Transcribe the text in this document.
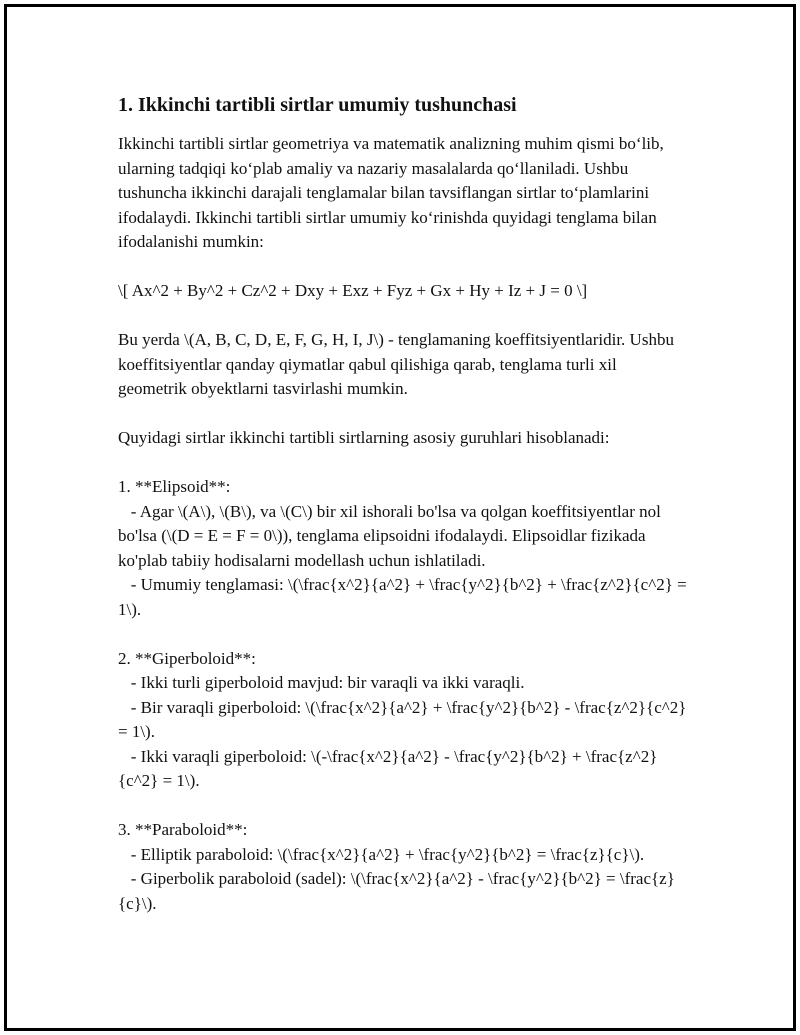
1. Ikkinchi tartibli sirtlar umumiy tushunchasi

Ikkinchi tartibli sirtlar geometriya va matematik analizning muhim qismi bo‘lib, ularning tadqiqi ko‘plab amaliy va nazariy masalalarda qo‘llaniladi. Ushbu tushuncha ikkinchi darajali tenglamalar bilan tavsiflangan sirtlar to‘plamlarini ifodalaydi. Ikkinchi tartibli sirtlar umumiy ko‘rinishda quyidagi tenglama bilan ifodalanishi mumkin:

\[ Ax^2 + By^2 + Cz^2 + Dxy + Exz + Fyz + Gx + Hy + Iz + J = 0 \]

Bu yerda \(A, B, C, D, E, F, G, H, I, J\) - tenglamaning koeffitsiyentlaridir. Ushbu koeffitsiyentlar qanday qiymatlar qabul qilishiga qarab, tenglama turli xil geometrik obyektlarni tasvirlashi mumkin.

Quyidagi sirtlar ikkinchi tartibli sirtlarning asosiy guruhlari hisoblanadi:

1. **Elipsoid**:

- Agar \(A\), \(B\), va \(C\) bir xil ishorali bo'lsa va qolgan koeffitsiyentlar nol bo'lsa (\(D = E = F = 0\)), tenglama elipsoidni ifodalaydi. Elipsoidlar fizikada ko'plab tabiiy hodisalarni modellash uchun ishlatiladi.

- Umumiy tenglamasi: \(\frac{x^2}{a^2} + \frac{y^2}{b^2} + \frac{z^2}{c^2} = 1\).

2. **Giperboloid**:

- Ikki turli giperboloid mavjud: bir varaqli va ikki varaqli.

- Bir varaqli giperboloid: \(\frac{x^2}{a^2} + \frac{y^2}{b^2} - \frac{z^2}{c^2} = 1\).

- Ikki varaqli giperboloid: \(-\frac{x^2}{a^2} - \frac{y^2}{b^2} + \frac{z^2}{c^2} = 1\).

3. **Paraboloid**:

- Elliptik paraboloid: \(\frac{x^2}{a^2} + \frac{y^2}{b^2} = \frac{z}{c}\).

- Giperbolik paraboloid (sadel): \(\frac{x^2}{a^2} - \frac{y^2}{b^2} = \frac{z}{c}\).
